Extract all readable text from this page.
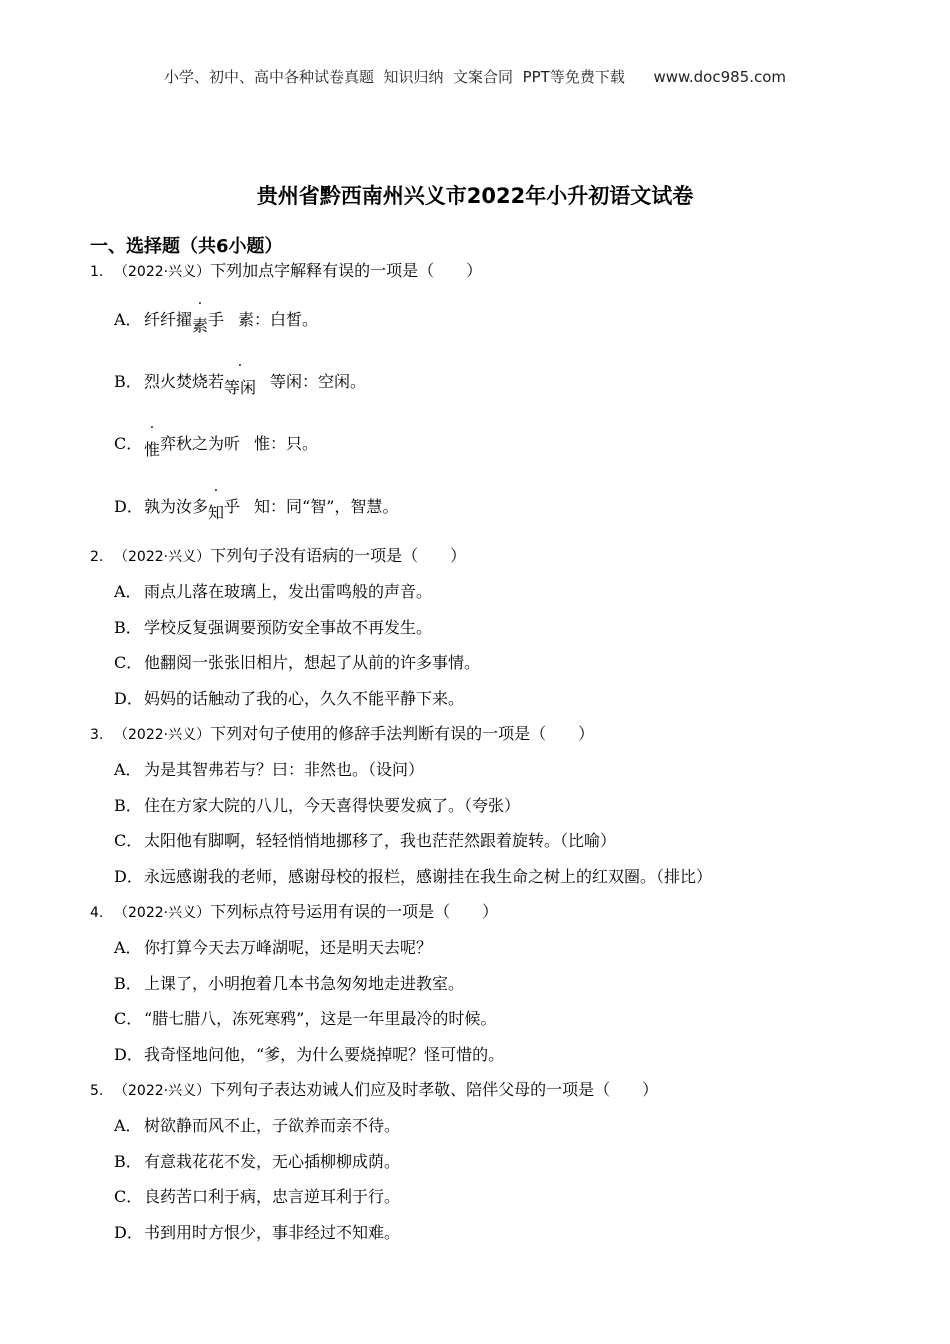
小学、初中、高中各种试卷真题  知识归纳  文案合同  PPT等免费下载      www.doc985.com
贵州省黔西南州兴义市2022年小升初语文试卷
一、选择题（共6小题）
1. （2022·兴义）下列加点字解释有误的一项是（　　）
A． 纤纤擢素手 素：白皙。
B． 烈火焚烧若等闲 等闲：空闲。
C． 惟弈秋之为听 惟：只。
D．孰为汝多知乎 知：同“智”，智慧。
2. （2022·兴义）下列句子没有语病的一项是（　　）
A． 雨点儿落在玻璃上，发出雷鸣般的声音。
B． 学校反复强调要预防安全事故不再发生。
C． 他翻阅一张张旧相片，想起了从前的许多事情。
D．妈妈的话触动了我的心，久久不能平静下来。
3. （2022·兴义）下列对句子使用的修辞手法判断有误的一项是（　　）
A． 为是其智弗若与？曰：非然也。（设问）
B． 住在方家大院的八儿，今天喜得快要发疯了。（夸张）
C． 太阳他有脚啊，轻轻悄悄地挪移了，我也茫茫然跟着旋转。（比喻）
D．永远感谢我的老师，感谢母校的报栏，感谢挂在我生命之树上的红双圈。（排比）
4. （2022·兴义）下列标点符号运用有误的一项是（　　）
A． 你打算今天去万峰湖呢，还是明天去呢？
B． 上课了，小明抱着几本书急匆匆地走进教室。
C． “腊七腊八，冻死寒鸦”，这是一年里最冷的时候。
D．我奇怪地问他，“爹，为什么要烧掉呢？怪可惜的。
5. （2022·兴义）下列句子表达劝诫人们应及时孝敬、陪伴父母的一项是（　　）
A． 树欲静而风不止，子欲养而亲不待。
B． 有意栽花花不发，无心插柳柳成荫。
C． 良药苦口利于病，忠言逆耳利于行。
D．书到用时方恨少，事非经过不知难。
